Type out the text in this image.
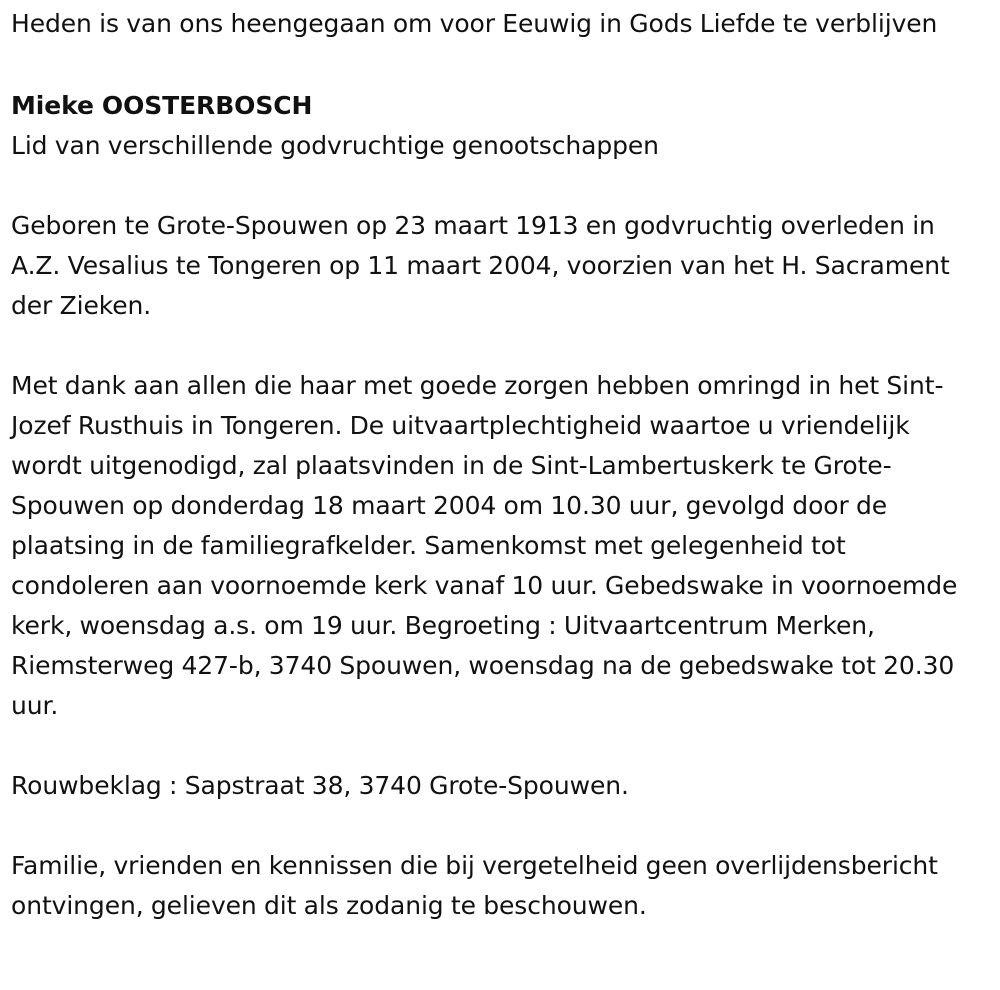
Heden is van ons heengegaan om voor Eeuwig in Gods Liefde te verblijven

Mieke OOSTERBOSCH

Lid van verschillende godvruchtige genootschappen

Geboren te Grote-Spouwen op 23 maart 1913 en godvruchtig overleden in A.Z. Vesalius te Tongeren op 11 maart 2004, voorzien van het H. Sacrament der Zieken.

Met dank aan allen die haar met goede zorgen hebben omringd in het Sint-Jozef Rusthuis in Tongeren. De uitvaartplechtigheid waartoe u vriendelijk wordt uitgenodigd, zal plaatsvinden in de Sint-Lambertuskerk te Grote-Spouwen op donderdag 18 maart 2004 om 10.30 uur, gevolgd door de plaatsing in de familiegrafkelder. Samenkomst met gelegenheid tot condoleren aan voornoemde kerk vanaf 10 uur. Gebedswake in voornoemde kerk, woensdag a.s. om 19 uur. Begroeting : Uitvaartcentrum Merken, Riemsterweg 427-b, 3740 Spouwen, woensdag na de gebedswake tot 20.30 uur.

Rouwbeklag : Sapstraat 38, 3740 Grote-Spouwen.

Familie, vrienden en kennissen die bij vergetelheid geen overlijdensbericht ontvingen, gelieven dit als zodanig te beschouwen.
